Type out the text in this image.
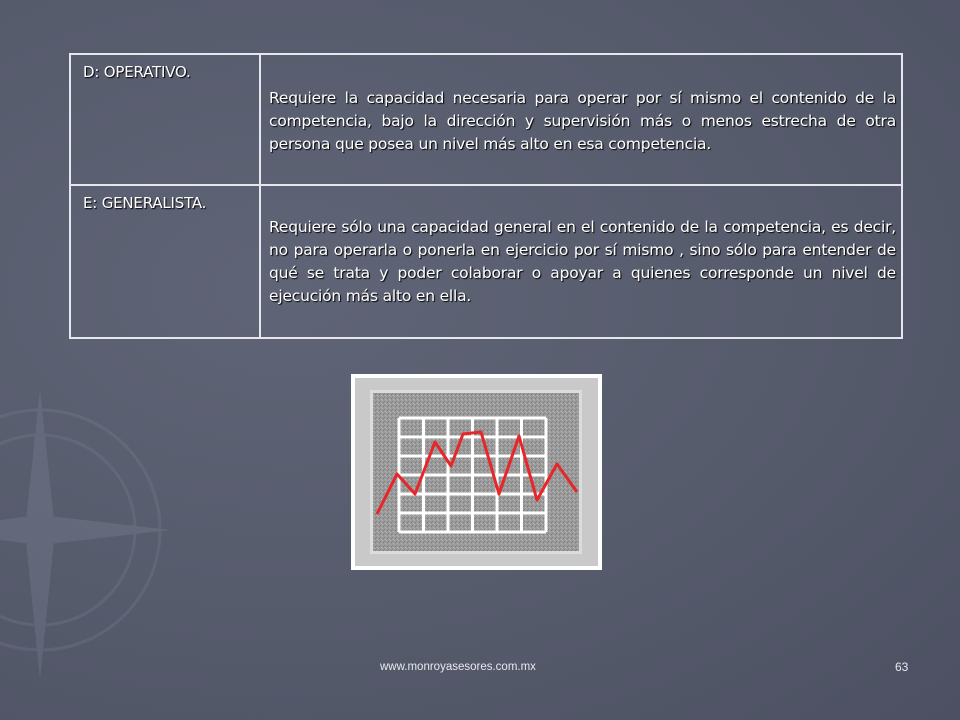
D: OPERATIVO.
Requiere la capacidad necesaria para operar por sí mismo el contenido de la competencia, bajo la dirección y supervisión más o menos estrecha de otra persona que posea un nivel más alto en esa competencia.
E: GENERALISTA.
Requiere sólo una capacidad general en el contenido de la competencia, es decir, no para operarla o ponerla en ejercicio por sí mismo , sino sólo para entender de qué se trata y poder colaborar o apoyar a quienes corresponde un nivel de ejecución más alto en ella.
www.monroyasesores.com.mx	63
